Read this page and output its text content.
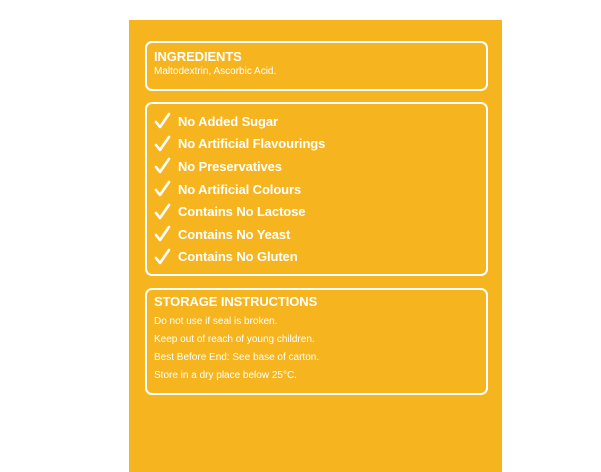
INGREDIENTS
Maltodextrin, Ascorbic Acid.
No Added Sugar
No Artificial Flavourings
No Preservatives
No Artificial Colours
Contains No Lactose
Contains No Yeast
Contains No Gluten
STORAGE INSTRUCTIONS
Do not use if seal is broken.
Keep out of reach of young children.
Best Before End: See base of carton.
Store in a dry place below 25°C.
